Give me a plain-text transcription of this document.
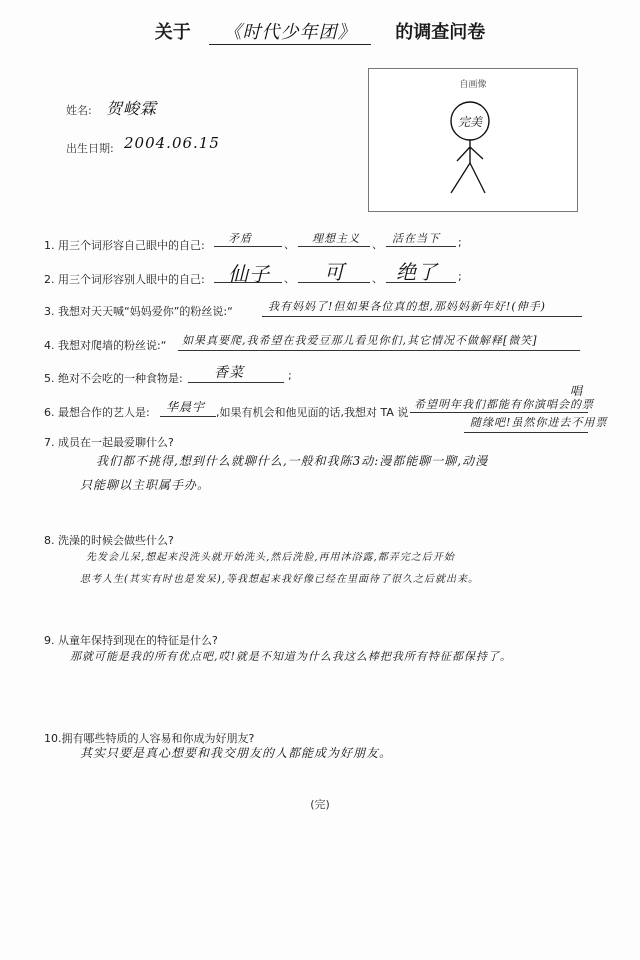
关于 《时代少年团》 的调查问卷
姓名: 贺峻霖
出生日期: 2004.06.15
自画像
完美
1. 用三个词形容自己眼中的自己:
矛盾	、 理想主义 、 活在当下 ;
2. 用三个词形容别人眼中的自己: 仙子 、 可 、 绝了 ;
3. 我想对天天喊“妈妈爱你”的粉丝说:“	我有妈妈了!但如果各位真的想,那妈妈新年好!(伸手)
4. 我想对爬墙的粉丝说:“ 如果真要爬,我希望在我爱豆那儿看见你们,其它情况不做解释[微笑]
5. 绝对不会吃的一种食物是: 香菜	;
6. 最想合作的艺人是: 华晨宇 ,如果有机会和他见面的话,我想对 TA 说
希望明年我们都能有你演唱会的票
唱
随缘吧!虽然你进去不用票
7. 成员在一起最爱聊什么?
我们都不挑得,想到什么就聊什么,一般和我陈3动:漫都能聊一聊,动漫
只能聊以主职属手办。
8. 洗澡的时候会做些什么?
先发会儿呆,想起来没洗头就开始洗头,然后洗脸,再用沐浴露,都弄完之后开始
思考人生(其实有时也是发呆),等我想起来我好像已经在里面待了很久之后就出来。
9. 从童年保持到现在的特征是什么?
那就可能是我的所有优点吧,哎!就是不知道为什么我这么棒把我所有特征都保持了。
10.拥有哪些特质的人容易和你成为好朋友?
其实只要是真心想要和我交朋友的人都能成为好朋友。
(完)
